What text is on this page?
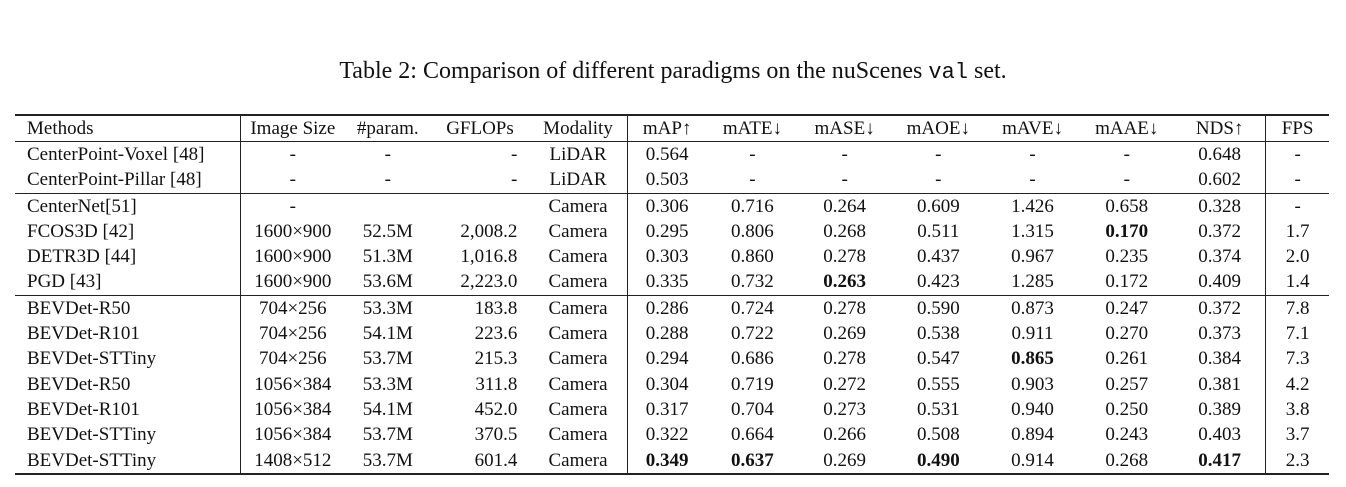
Table 2: Comparison of different paradigms on the nuScenes val set.
Methods	Image Size	#param.	GFLOPs	Modality	mAP↑	mATE↓	mASE↓	mAOE↓	mAVE↓	mAAE↓	NDS↑	FPS
CenterPoint-Voxel [48]	-	-	-	LiDAR	0.564	-	-	-	-	-	0.648	-
CenterPoint-Pillar [48]	-	-	-	LiDAR	0.503	-	-	-	-	-	0.602	-
CenterNet[51]	-			Camera	0.306	0.716	0.264	0.609	1.426	0.658	0.328	-
FCOS3D [42]	1600×900	52.5M	2,008.2	Camera	0.295	0.806	0.268	0.511	1.315	0.170	0.372	1.7
DETR3D [44]	1600×900	51.3M	1,016.8	Camera	0.303	0.860	0.278	0.437	0.967	0.235	0.374	2.0
PGD [43]	1600×900	53.6M	2,223.0	Camera	0.335	0.732	0.263	0.423	1.285	0.172	0.409	1.4
BEVDet-R50	704×256	53.3M	183.8	Camera	0.286	0.724	0.278	0.590	0.873	0.247	0.372	7.8
BEVDet-R101	704×256	54.1M	223.6	Camera	0.288	0.722	0.269	0.538	0.911	0.270	0.373	7.1
BEVDet-STTiny	704×256	53.7M	215.3	Camera	0.294	0.686	0.278	0.547	0.865	0.261	0.384	7.3
BEVDet-R50	1056×384	53.3M	311.8	Camera	0.304	0.719	0.272	0.555	0.903	0.257	0.381	4.2
BEVDet-R101	1056×384	54.1M	452.0	Camera	0.317	0.704	0.273	0.531	0.940	0.250	0.389	3.8
BEVDet-STTiny	1056×384	53.7M	370.5	Camera	0.322	0.664	0.266	0.508	0.894	0.243	0.403	3.7
BEVDet-STTiny	1408×512	53.7M	601.4	Camera	0.349	0.637	0.269	0.490	0.914	0.268	0.417	2.3
